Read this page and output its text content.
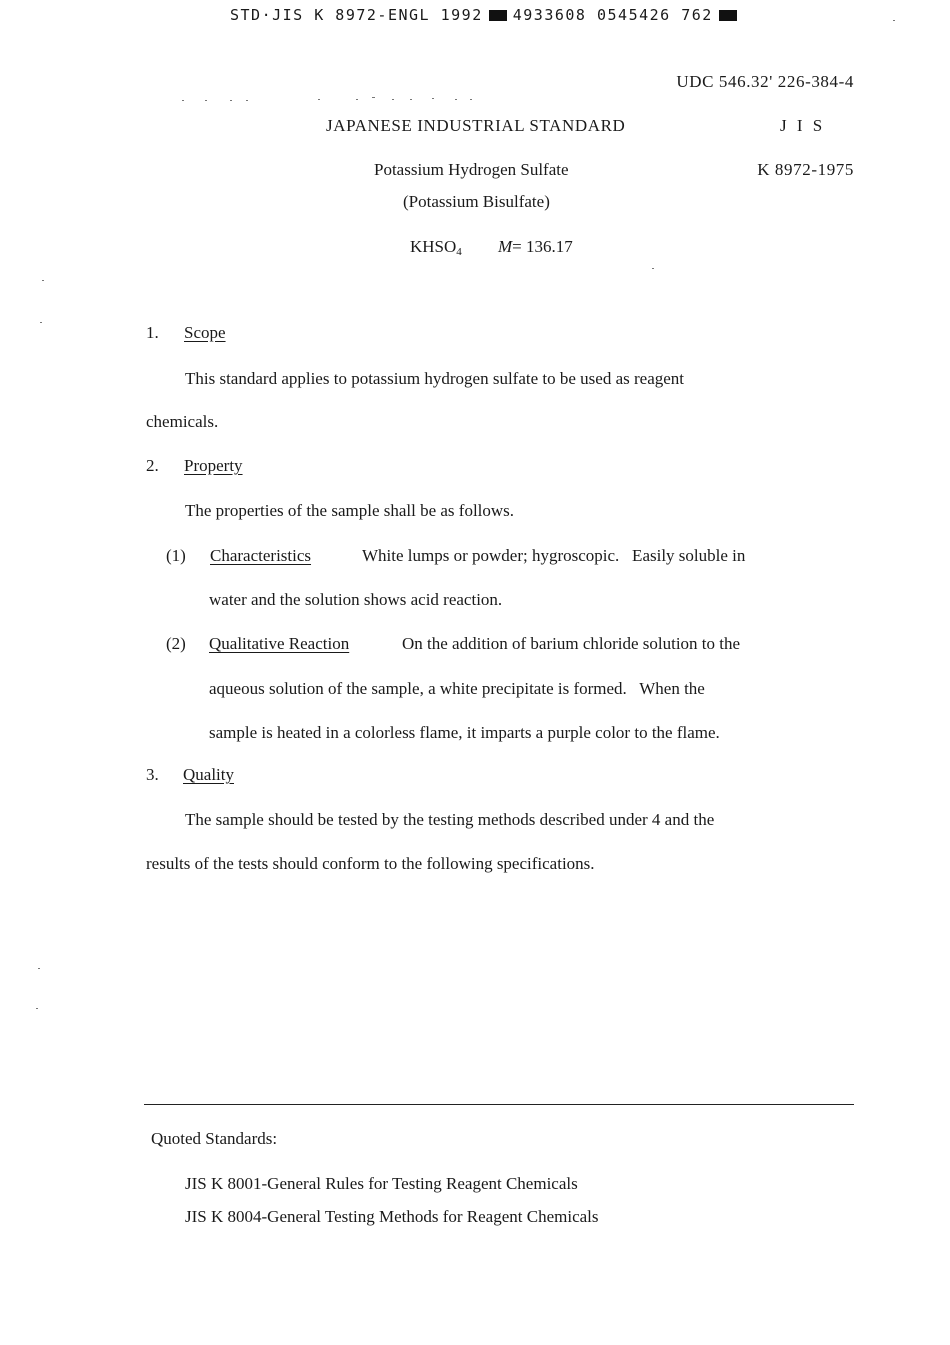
STD·JIS K 8972-ENGL 1992 4933608 0545426 762
UDC 546.32' 226-384-4
JAPANESE INDUSTRIAL STANDARD	J I S
Potassium Hydrogen Sulfate	K 8972-1975
(Potassium Bisulfate)
$KHSO_4$ M= 136.17
1. Scope
This standard applies to potassium hydrogen sulfate to be used as reagent
chemicals.
2. Property
The properties of the sample shall be as follows.
(1) Characteristics	White lumps or powder; hygroscopic.   Easily soluble in
water and the solution shows acid reaction.
(2) Qualitative Reaction	On the addition of barium chloride solution to the
aqueous solution of the sample, a white precipitate is formed.   When the
sample is heated in a colorless flame, it imparts a purple color to the flame.
3. Quality
The sample should be tested by the testing methods described under 4 and the
results of the tests should conform to the following specifications.
Quoted Standards:
JIS K 8001-General Rules for Testing Reagent Chemicals
JIS K 8004-General Testing Methods for Reagent Chemicals
